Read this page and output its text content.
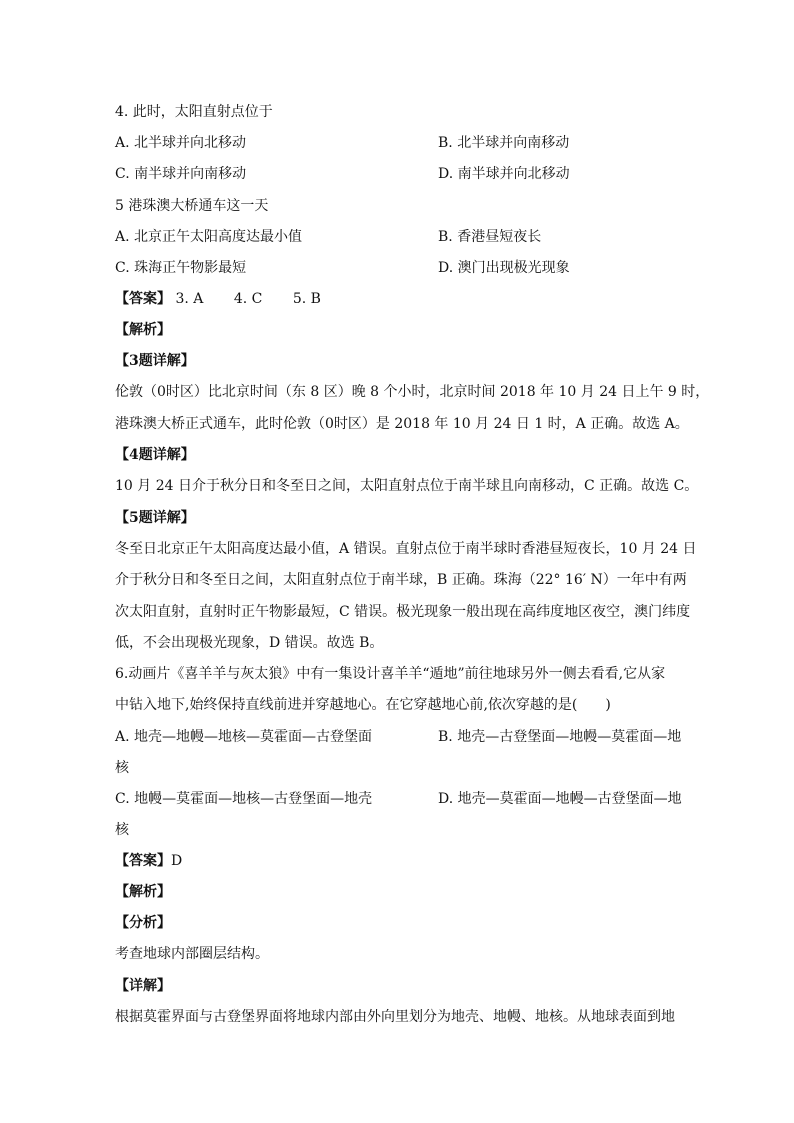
4. 此时，太阳直射点位于
A. 北半球并向北移动	B. 北半球并向南移动
C. 南半球并向南移动	D. 南半球并向北移动
5 港珠澳大桥通车这一天
A. 北京正午太阳高度达最小值	B. 香港昼短夜长
C. 珠海正午物影最短	D. 澳门出现极光现象
【答案】 3. A 4. C 5. B
【解析】
【3题详解】
伦敦（0时区）比北京时间（东 8 区）晚 8 个小时，北京时间 2018 年 10 月 24 日上午 9 时，
港珠澳大桥正式通车，此时伦敦（0时区）是 2018 年 10 月 24 日 1 时，A 正确。故选 A。
【4题详解】
10 月 24 日介于秋分日和冬至日之间，太阳直射点位于南半球且向南移动，C 正确。故选 C。
【5题详解】
冬至日北京正午太阳高度达最小值，A 错误。直射点位于南半球时香港昼短夜长，10 月 24 日
介于秋分日和冬至日之间，太阳直射点位于南半球，B 正确。珠海（22° 16′ N）一年中有两
次太阳直射，直射时正午物影最短，C 错误。极光现象一般出现在高纬度地区夜空，澳门纬度
低，不会出现极光现象，D 错误。故选 B。
6.动画片《喜羊羊与灰太狼》中有一集设计喜羊羊“遁地”前往地球另外一侧去看看,它从家
中钻入地下,始终保持直线前进并穿越地心。在它穿越地心前,依次穿越的是(　　)
A. 地壳—地幔—地核—莫霍面—古登堡面	B. 地壳—古登堡面—地幔—莫霍面—地
核
C. 地幔—莫霍面—地核—古登堡面—地壳	D. 地壳—莫霍面—地幔—古登堡面—地
核
【答案】D
【解析】
【分析】
考查地球内部圈层结构。
【详解】
根据莫霍界面与古登堡界面将地球内部由外向里划分为地壳、地幔、地核。从地球表面到地
